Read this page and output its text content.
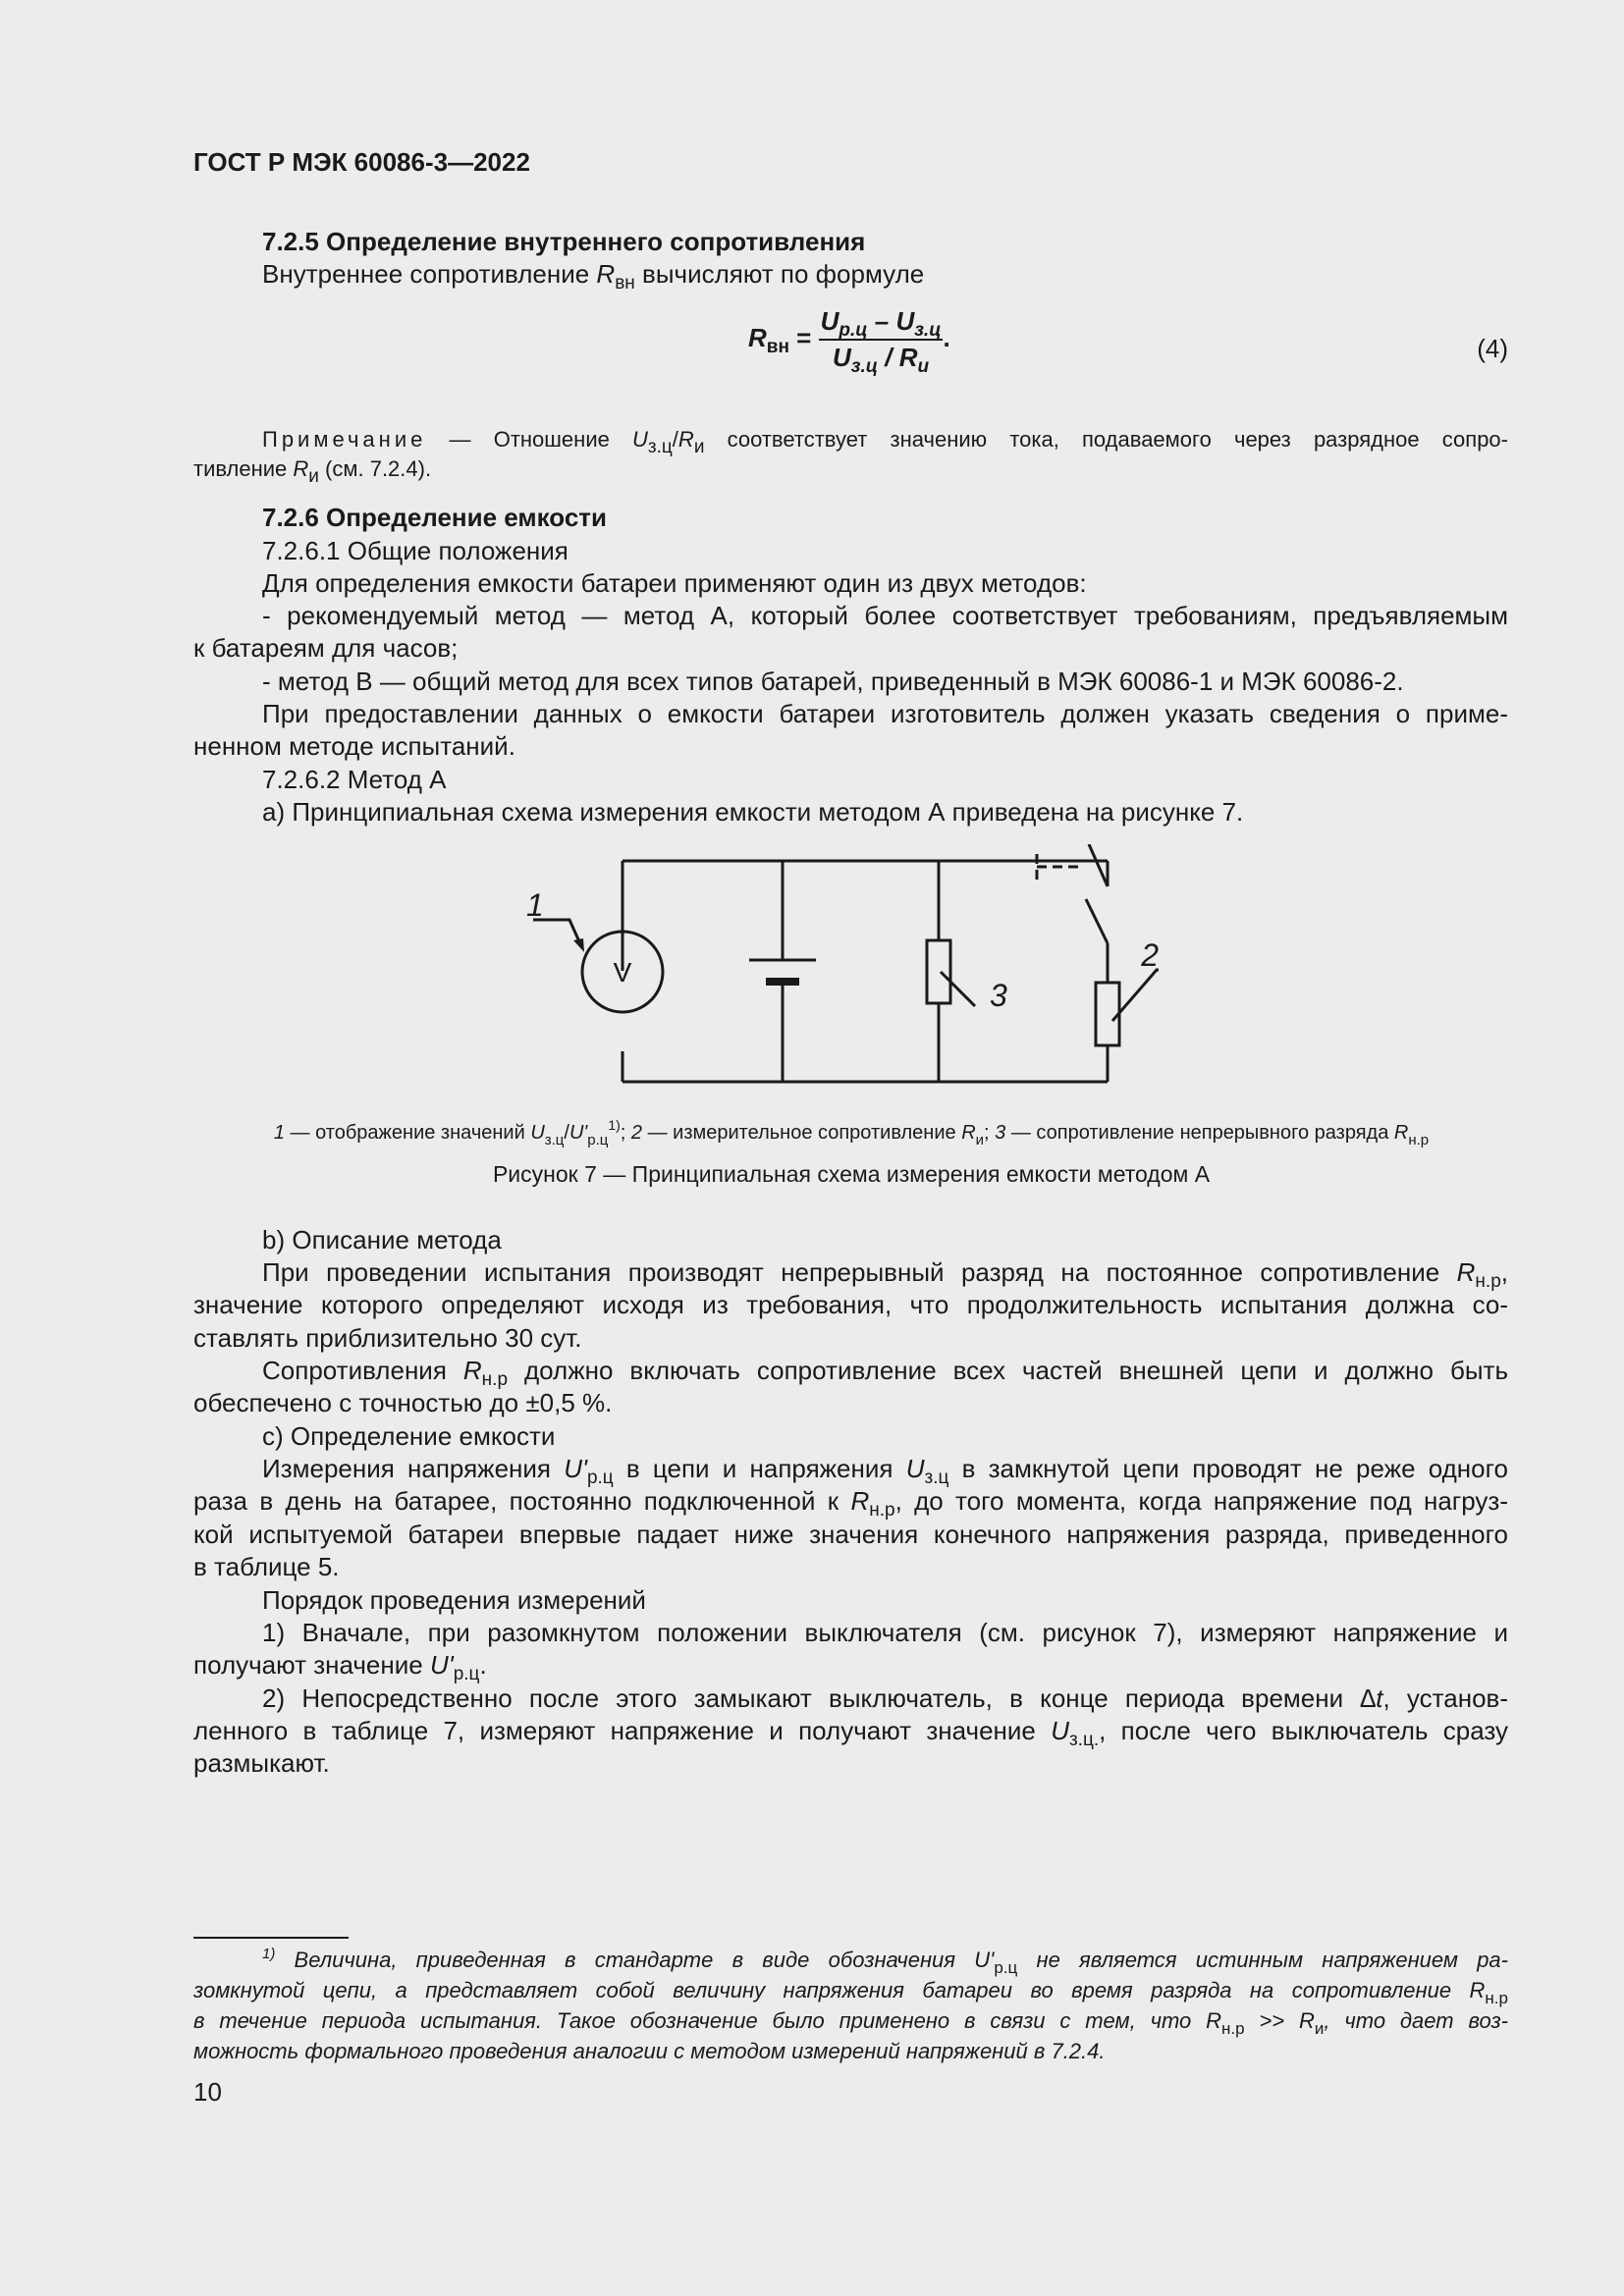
ГОСТ Р МЭК 60086-3—2022
7.2.5 Определение внутреннего сопротивления
Внутреннее сопротивление $R_{вн}$ вычисляют по формуле
$R_{вн} = \frac{U_{р.ц} - U_{з.ц}}{U_{з.ц} / R_и}$ .	(4)
Примечание — Отношение $U_{з.ц}/R_и$ соответствует значению тока, подаваемого через разрядное сопро-
тивление $R_и$ (см. 7.2.4).
7.2.6 Определение емкости
7.2.6.1 Общие положения
Для определения емкости батареи применяют один из двух методов:
- рекомендуемый метод — метод А, который более соответствует требованиям, предъявляемым
к батареям для часов;
- метод В — общий метод для всех типов батарей, приведенный в МЭК 60086-1 и МЭК 60086-2.
При предоставлении данных о емкости батареи изготовитель должен указать сведения о приме-
ненном методе испытаний.
7.2.6.2 Метод А
а) Принципиальная схема измерения емкости методом А приведена на рисунке 7.
V
1
3
2
1 — отображение значений $U_{з.ц}/U'_{р.ц}^{1)}$; 2 — измерительное сопротивление $R_и$; 3 — сопротивление непрерывного разряда $R_{н.р}$
Рисунок 7 — Принципиальная схема измерения емкости методом А
b) Описание метода
При проведении испытания производят непрерывный разряд на постоянное сопротивление $R_{н.р}$,
значение которого определяют исходя из требования, что продолжительность испытания должна со-
ставлять приблизительно 30 сут.
Сопротивления $R_{н.р}$ должно включать сопротивление всех частей внешней цепи и должно быть
обеспечено с точностью до ±0,5 %.
с) Определение емкости
Измерения напряжения $U'_{р.ц}$ в цепи и напряжения $U_{з.ц}$ в замкнутой цепи проводят не реже одного
раза в день на батарее, постоянно подключенной к $R_{н.р}$, до того момента, когда напряжение под нагруз-
кой испытуемой батареи впервые падает ниже значения конечного напряжения разряда, приведенного
в таблице 5.
Порядок проведения измерений
1) Вначале, при разомкнутом положении выключателя (см. рисунок 7), измеряют напряжение и
получают значение $U'_{р.ц}$.
2) Непосредственно после этого замыкают выключатель, в конце периода времени ∆t, установ-
ленного в таблице 7, измеряют напряжение и получают значение $U_{з.ц.}$, после чего выключатель сразу
размыкают.
$^{1)}$ Величина, приведенная в стандарте в виде обозначения $U'_{р.ц}$ не является истинным напряжением ра-
зомкнутой цепи, а представляет собой величину напряжения батареи во время разряда на сопротивление $R_{н.р}$
в течение периода испытания. Такое обозначение было применено в связи с тем, что $R_{н.р} >> R_и$, что дает воз-
можность формального проведения аналогии с методом измерений напряжений в 7.2.4.
10
